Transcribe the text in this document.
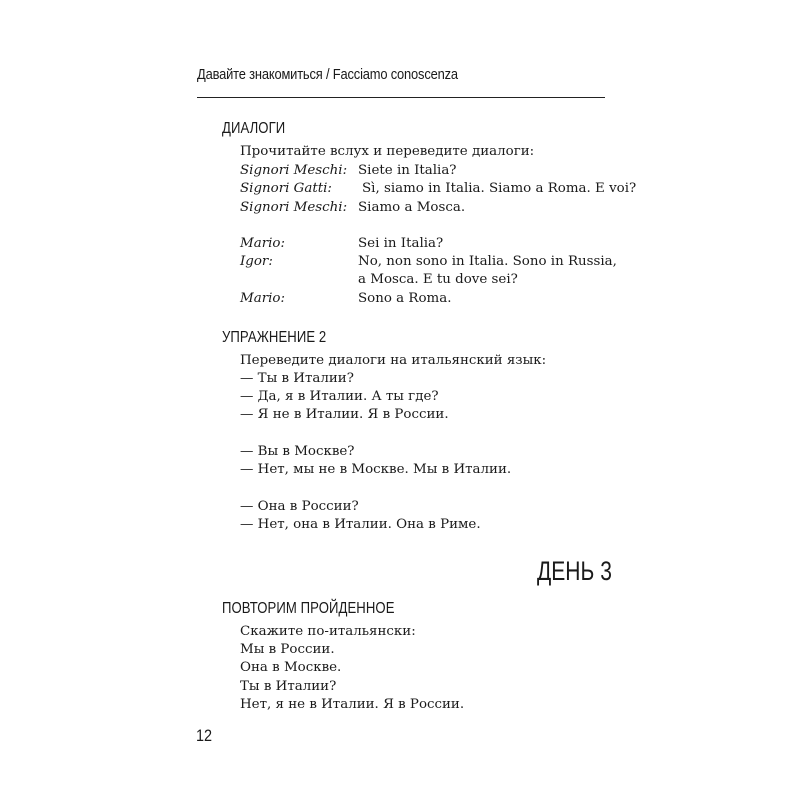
Давайте знакомиться / Facciamo conoscenza
ДИАЛОГИ
Прочитайте вслух и переведите диалоги:
Signori Meschi: Siete in Italia?
Signori Gatti: Sì, siamo in Italia. Siamo a Roma. E voi?
Signori Meschi: Siamo a Mosca.
Mario:	Sei in Italia?
Igor:	No, non sono in Italia. Sono in Russia,
a Mosca. E tu dove sei?
Mario:	Sono a Roma.
УПРАЖНЕНИЕ 2
Переведите диалоги на итальянский язык:
— Ты в Италии?
— Да, я в Италии. А ты где?
— Я не в Италии. Я в России.
— Вы в Москве?
— Нет, мы не в Москве. Мы в Италии.
— Она в России?
— Нет, она в Италии. Она в Риме.
ДЕНЬ 3
ПОВТОРИМ ПРОЙДЕННОЕ
Скажите по-итальянски:
Мы в России.
Она в Москве.
Ты в Италии?
Нет, я не в Италии. Я в России.
12
